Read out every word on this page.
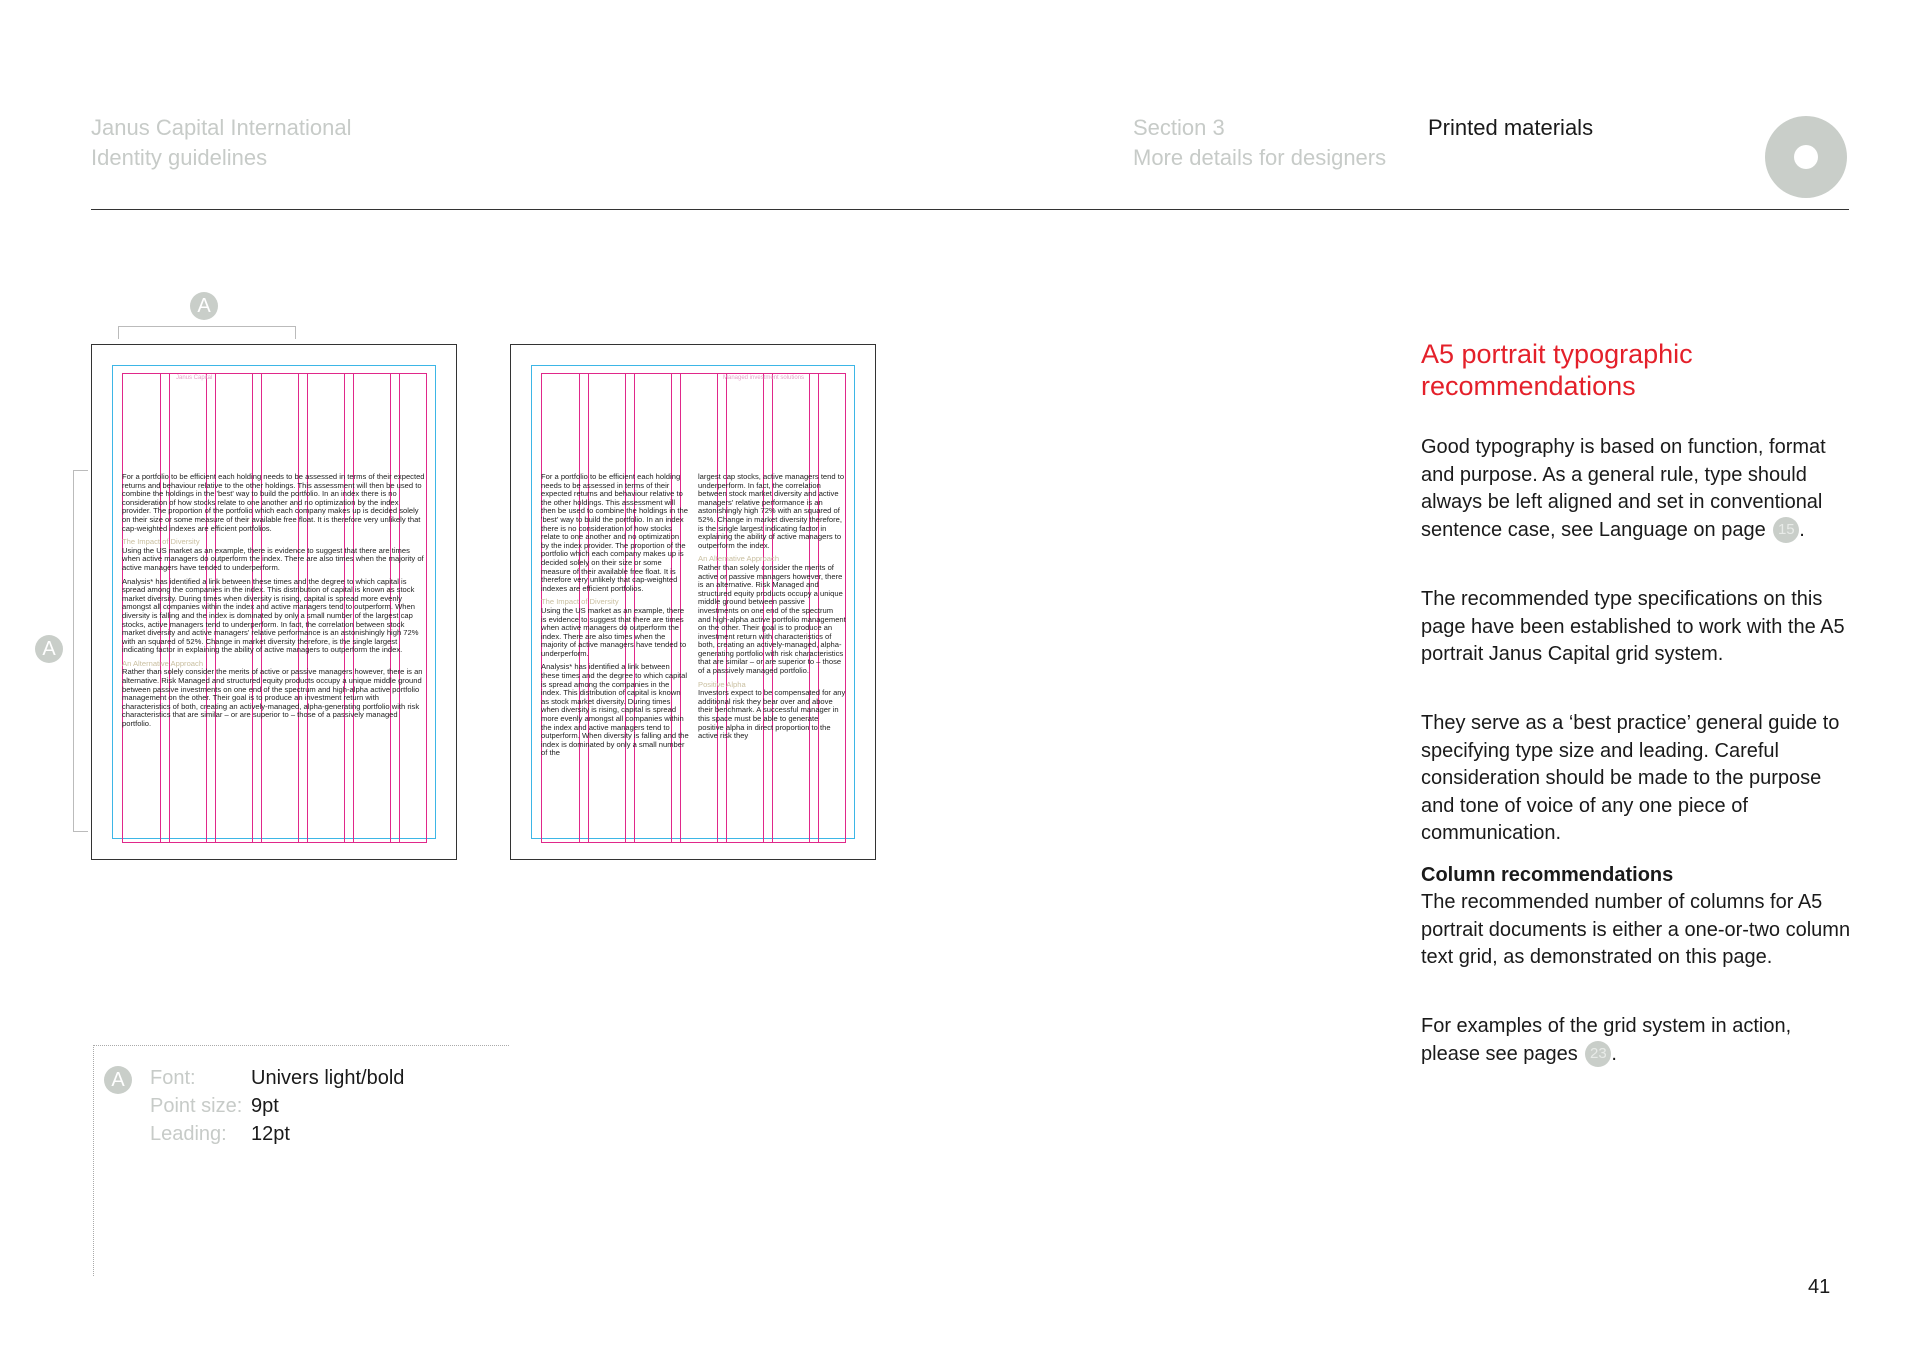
Janus Capital International
Identity guidelines
Section 3
More details for designers
Printed materials
A
A
Janus Capital

For a portfolio to be efficient each holding needs to be assessed in terms of their expected returns and behaviour relative to the other holdings. This assessment will then be used to combine the holdings in the 'best' way to build the portfolio. In an index there is no consideration of how stocks relate to one another and no optimization by the index provider. The proportion of the portfolio which each company makes up is decided solely on their size or some measure of their available free float. It is therefore very unlikely that cap-weighted indexes are efficient portfolios.

The Impact of Diversity

Using the US market as an example, there is evidence to suggest that there are times when active managers do outperform the index. There are also times when the majority of active managers have tended to underperform.

Analysis* has identified a link between these times and the degree to which capital is spread among the companies in the index. This distribution of capital is known as stock market diversity. During times when diversity is rising, capital is spread more evenly amongst all companies within the index and active managers tend to outperform. When diversity is falling and the index is dominated by only a small number of the largest cap stocks, active managers tend to underperform. In fact, the correlation between stock market diversity and active managers' relative performance is an astonishingly high 72% with an squared of 52%. Change in market diversity therefore, is the single largest indicating factor in explaining the ability of active managers to outperform the index.

An Alternative Approach

Rather than solely consider the merits of active or passive managers however, there is an alternative. Risk Managed and structured equity products occupy a unique middle ground between passive investments on one end of the spectrum and high-alpha active portfolio management on the other. Their goal is to produce an investment return with characteristics of both, creating an actively-managed, alpha-generating portfolio with risk characteristics that are similar – or are superior to – those of a passively managed portfolio.

Managed investment solutions

For a portfolio to be efficient each holding needs to be assessed in terms of their expected returns and behaviour relative to the other holdings. This assessment will then be used to combine the holdings in the 'best' way to build the portfolio. In an index there is no consideration of how stocks relate to one another and no optimization by the index provider. The proportion of the portfolio which each company makes up is decided solely on their size or some measure of their available free float. It is therefore very unlikely that cap-weighted indexes are efficient portfolios.

The Impact of Diversity

Using the US market as an example, there is evidence to suggest that there are times when active managers do outperform the index. There are also times when the majority of active managers have tended to underperform.

Analysis* has identified a link between these times and the degree to which capital is spread among the companies in the index. This distribution of capital is known as stock market diversity. During times when diversity is rising, capital is spread more evenly amongst all companies within the index and active managers tend to outperform. When diversity is falling and the index is dominated by only a small number of the

largest cap stocks, active managers tend to underperform. In fact, the correlation between stock market diversity and active managers' relative performance is an astonishingly high 72% with an squared of 52%. Change in market diversity therefore, is the single largest indicating factor in explaining the ability of active managers to outperform the index.

An Alternative Approach

Rather than solely consider the merits of active or passive managers however, there is an alternative. Risk Managed and structured equity products occupy a unique middle ground between passive investments on one end of the spectrum and high-alpha active portfolio management on the other. Their goal is to produce an investment return with characteristics of both, creating an actively-managed, alpha-generating portfolio with risk characteristics that are similar – or are superior to – those of a passively managed portfolio.

Positive Alpha

Investors expect to be compensated for any additional risk they bear over and above their benchmark. A successful manager in this space must be able to generate positive alpha in direct proportion to the active risk they

A	Font:	Univers light/bold
Point size: 9pt
Leading: 12pt
A5 portrait typographic recommendations
Good typography is based on function, format and purpose. As a general rule, type should always be left aligned and set in conventional sentence case, see Language on page 15 .
The recommended type specifications on this page have been established to work with the A5 portrait Janus Capital grid system.
They serve as a ‘best practice’ general guide to specifying type size and leading. Careful consideration should be made to the purpose and tone of voice of any one piece of communication.
Column recommendations
The recommended number of columns for A5 portrait documents is either a one-or-two column text grid, as demonstrated on this page.
For examples of the grid system in action, please see pages 23 .
41
